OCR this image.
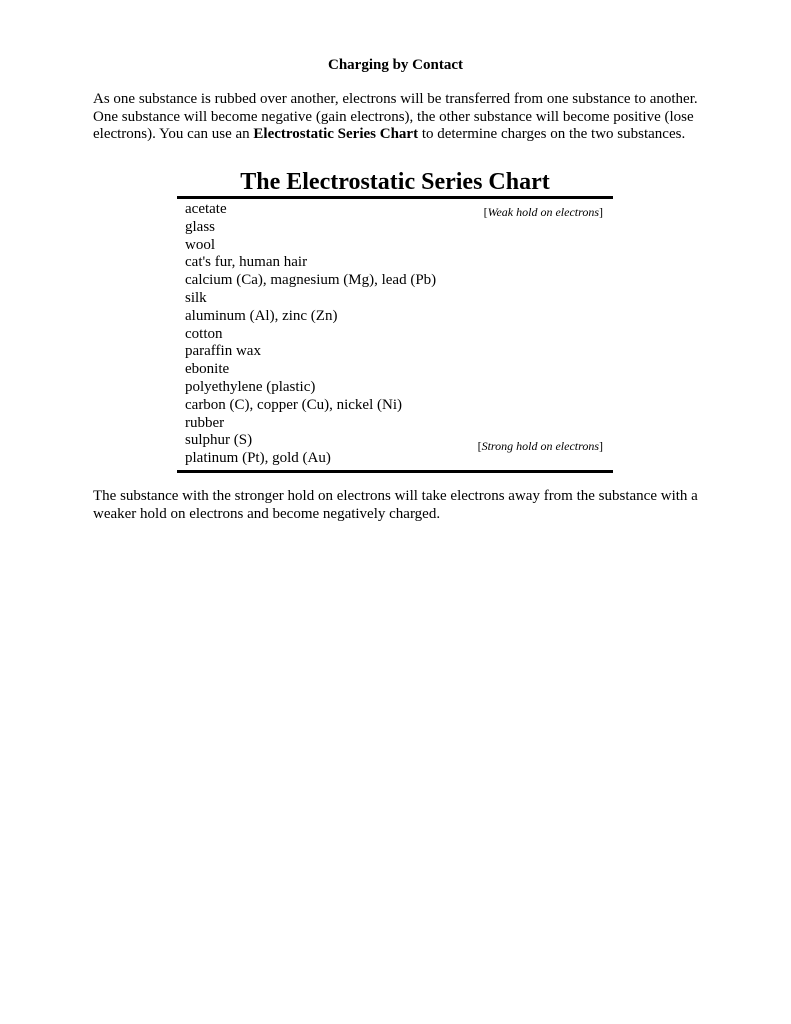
Charging by Contact

As one substance is rubbed over another, electrons will be transferred from one substance to another. One substance will become negative (gain electrons), the other substance will become positive (lose electrons). You can use an Electrostatic Series Chart to determine charges on the two substances.

The Electrostatic Series Chart
acetate
glass
wool
cat's fur, human hair
calcium (Ca), magnesium (Mg), lead (Pb)
silk
aluminum (Al), zinc (Zn)
cotton
paraffin wax
ebonite
polyethylene (plastic)
carbon (C), copper (Cu), nickel (Ni)
rubber
sulphur (S)
platinum (Pt), gold (Au)
[Weak hold on electrons]
[Strong hold on electrons]

The substance with the stronger hold on electrons will take electrons away from the substance with a weaker hold on electrons and become negatively charged.
